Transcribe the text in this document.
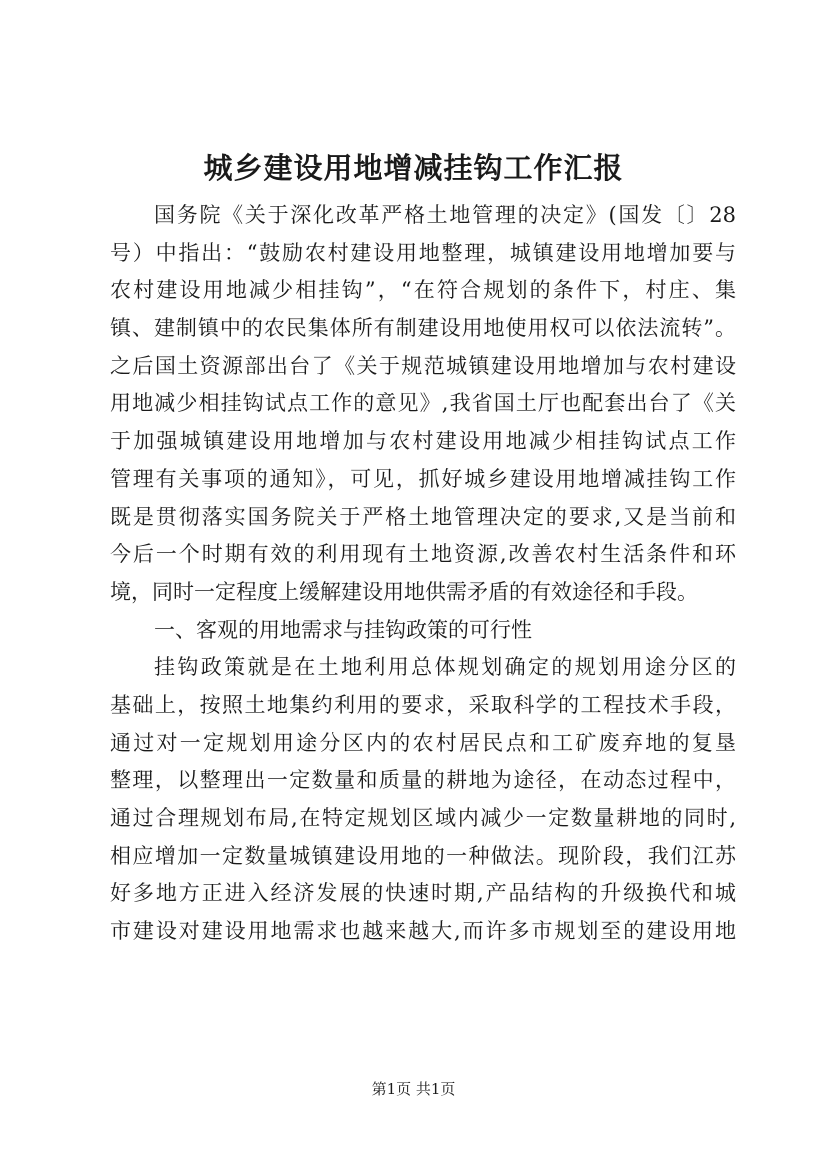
城乡建设用地增减挂钩工作汇报
国务院《关于深化改革严格土地管理的决定》(国发〔〕28
号）中指出：“鼓励农村建设用地整理，城镇建设用地增加要与
农村建设用地减少相挂钩”，“在符合规划的条件下，村庄、集
镇、建制镇中的农民集体所有制建设用地使用权可以依法流转”。
之后国土资源部出台了《关于规范城镇建设用地增加与农村建设
用地减少相挂钩试点工作的意见》,我省国土厅也配套出台了《关
于加强城镇建设用地增加与农村建设用地减少相挂钩试点工作
管理有关事项的通知》，可见，抓好城乡建设用地增减挂钩工作
既是贯彻落实国务院关于严格土地管理决定的要求,又是当前和
今后一个时期有效的利用现有土地资源,改善农村生活条件和环
境，同时一定程度上缓解建设用地供需矛盾的有效途径和手段。
一、客观的用地需求与挂钩政策的可行性
挂钩政策就是在土地利用总体规划确定的规划用途分区的
基础上，按照土地集约利用的要求，采取科学的工程技术手段，
通过对一定规划用途分区内的农村居民点和工矿废弃地的复垦
整理，以整理出一定数量和质量的耕地为途径，在动态过程中，
通过合理规划布局,在特定规划区域内减少一定数量耕地的同时,
相应增加一定数量城镇建设用地的一种做法。现阶段，我们江苏
好多地方正进入经济发展的快速时期,产品结构的升级换代和城
市建设对建设用地需求也越来越大,而许多市规划至的建设用地
第1页 共1页
